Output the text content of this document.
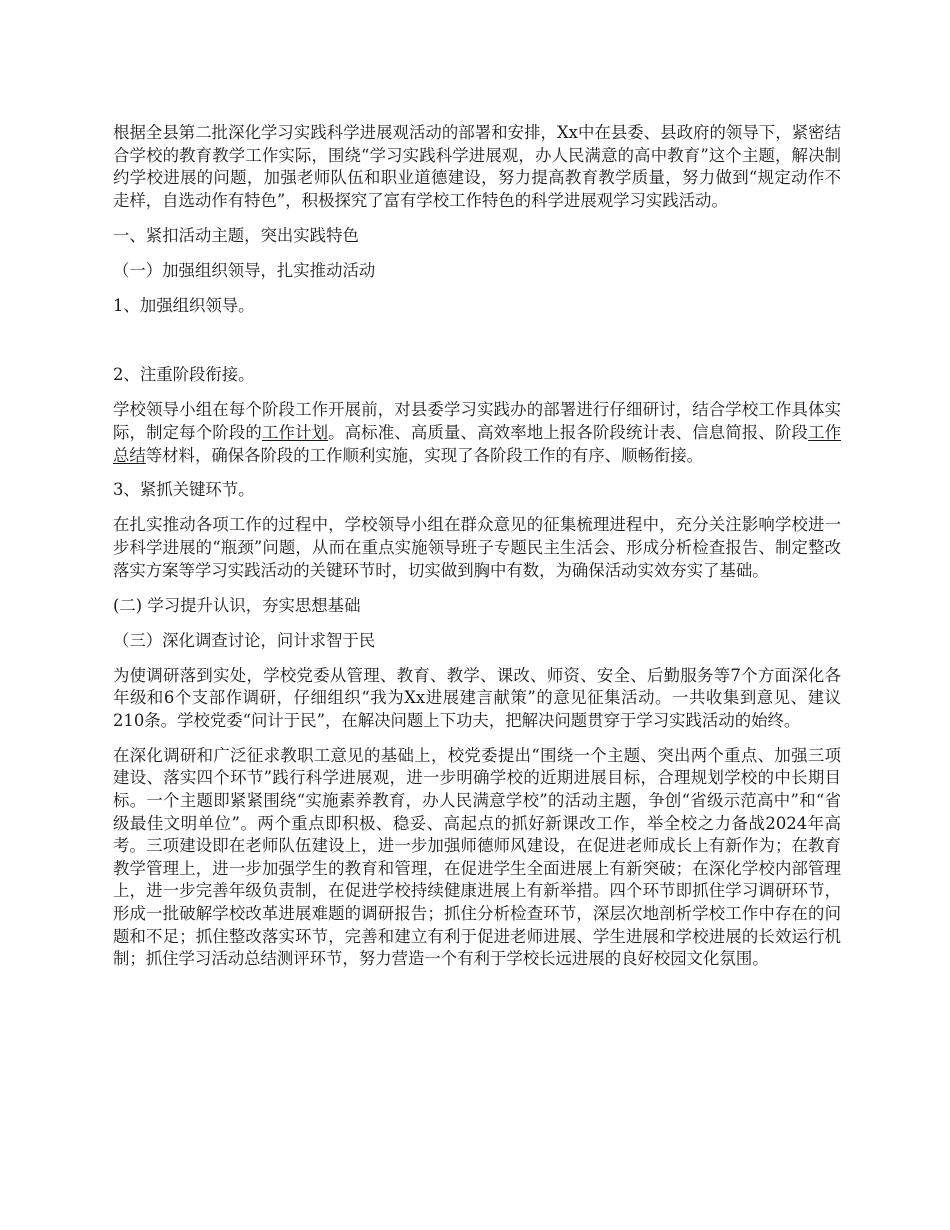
根据全县第二批深化学习实践科学进展观活动的部署和安排，Xx中在县委、县政府的领导下，紧密结合学校的教育教学工作实际，围绕“学习实践科学进展观，办人民满意的高中教育”这个主题，解决制约学校进展的问题，加强老师队伍和职业道德建设，努力提高教育教学质量，努力做到“规定动作不走样，自选动作有特色”，积极探究了富有学校工作特色的科学进展观学习实践活动。

一、紧扣活动主题，突出实践特色

（一）加强组织领导，扎实推动活动

1、加强组织领导。

2、注重阶段衔接。

学校领导小组在每个阶段工作开展前，对县委学习实践办的部署进行仔细研讨，结合学校工作具体实际，制定每个阶段的工作计划。高标准、高质量、高效率地上报各阶段统计表、信息简报、阶段工作总结等材料，确保各阶段的工作顺利实施，实现了各阶段工作的有序、顺畅衔接。

3、紧抓关键环节。

在扎实推动各项工作的过程中，学校领导小组在群众意见的征集梳理进程中，充分关注影响学校进一步科学进展的“瓶颈”问题，从而在重点实施领导班子专题民主生活会、形成分析检查报告、制定整改落实方案等学习实践活动的关键环节时，切实做到胸中有数，为确保活动实效夯实了基础。

(二) 学习提升认识，夯实思想基础

（三）深化调查讨论，问计求智于民

为使调研落到实处，学校党委从管理、教育、教学、课改、师资、安全、后勤服务等7个方面深化各年级和6个支部作调研，仔细组织“我为Xx进展建言献策”的意见征集活动。一共收集到意见、建议210条。学校党委“问计于民”，在解决问题上下功夫，把解决问题贯穿于学习实践活动的始终。

在深化调研和广泛征求教职工意见的基础上，校党委提出“围绕一个主题、突出两个重点、加强三项建设、落实四个环节”践行科学进展观，进一步明确学校的近期进展目标，合理规划学校的中长期目标。一个主题即紧紧围绕“实施素养教育，办人民满意学校”的活动主题，争创“省级示范高中”和“省级最佳文明单位”。两个重点即积极、稳妥、高起点的抓好新课改工作，举全校之力备战2024年高考。三项建设即在老师队伍建设上，进一步加强师德师风建设，在促进老师成长上有新作为；在教育教学管理上，进一步加强学生的教育和管理，在促进学生全面进展上有新突破；在深化学校内部管理上，进一步完善年级负责制，在促进学校持续健康进展上有新举措。四个环节即抓住学习调研环节，形成一批破解学校改革进展难题的调研报告；抓住分析检查环节，深层次地剖析学校工作中存在的问题和不足；抓住整改落实环节，完善和建立有利于促进老师进展、学生进展和学校进展的长效运行机制；抓住学习活动总结测评环节，努力营造一个有利于学校长远进展的良好校园文化氛围。
